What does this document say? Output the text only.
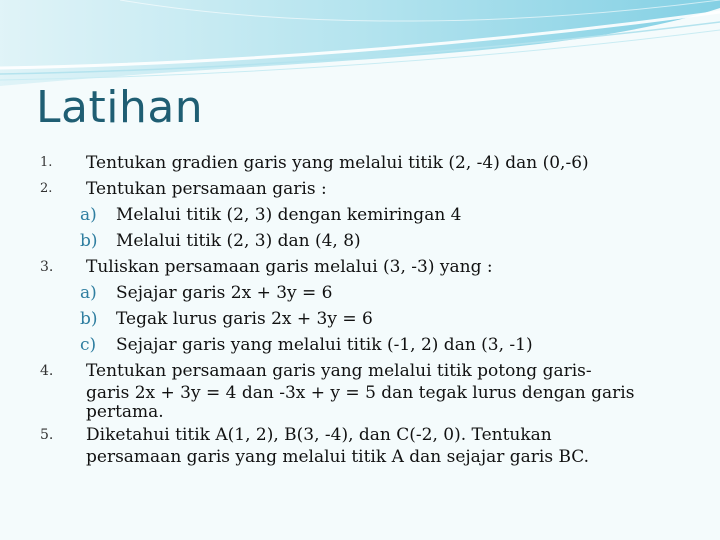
Latihan
1. Tentukan gradien garis yang melalui titik (2, -4) dan (0,-6)
2. Tentukan persamaan garis :
a) Melalui titik (2, 3) dengan kemiringan 4
b) Melalui titik (2, 3) dan (4, 8)
3. Tuliskan persamaan garis melalui (3, -3) yang :
a) Sejajar garis 2x + 3y = 6
b) Tegak lurus garis 2x + 3y = 6
c) Sejajar garis yang melalui titik (-1, 2) dan (3, -1)
4. Tentukan persamaan garis yang melalui titik potong garis-
garis 2x + 3y = 4 dan -3x + y = 5 dan tegak lurus dengan garis
pertama.
5. Diketahui titik A(1, 2), B(3, -4), dan C(-2, 0). Tentukan
persamaan garis yang melalui titik A dan sejajar garis BC.
